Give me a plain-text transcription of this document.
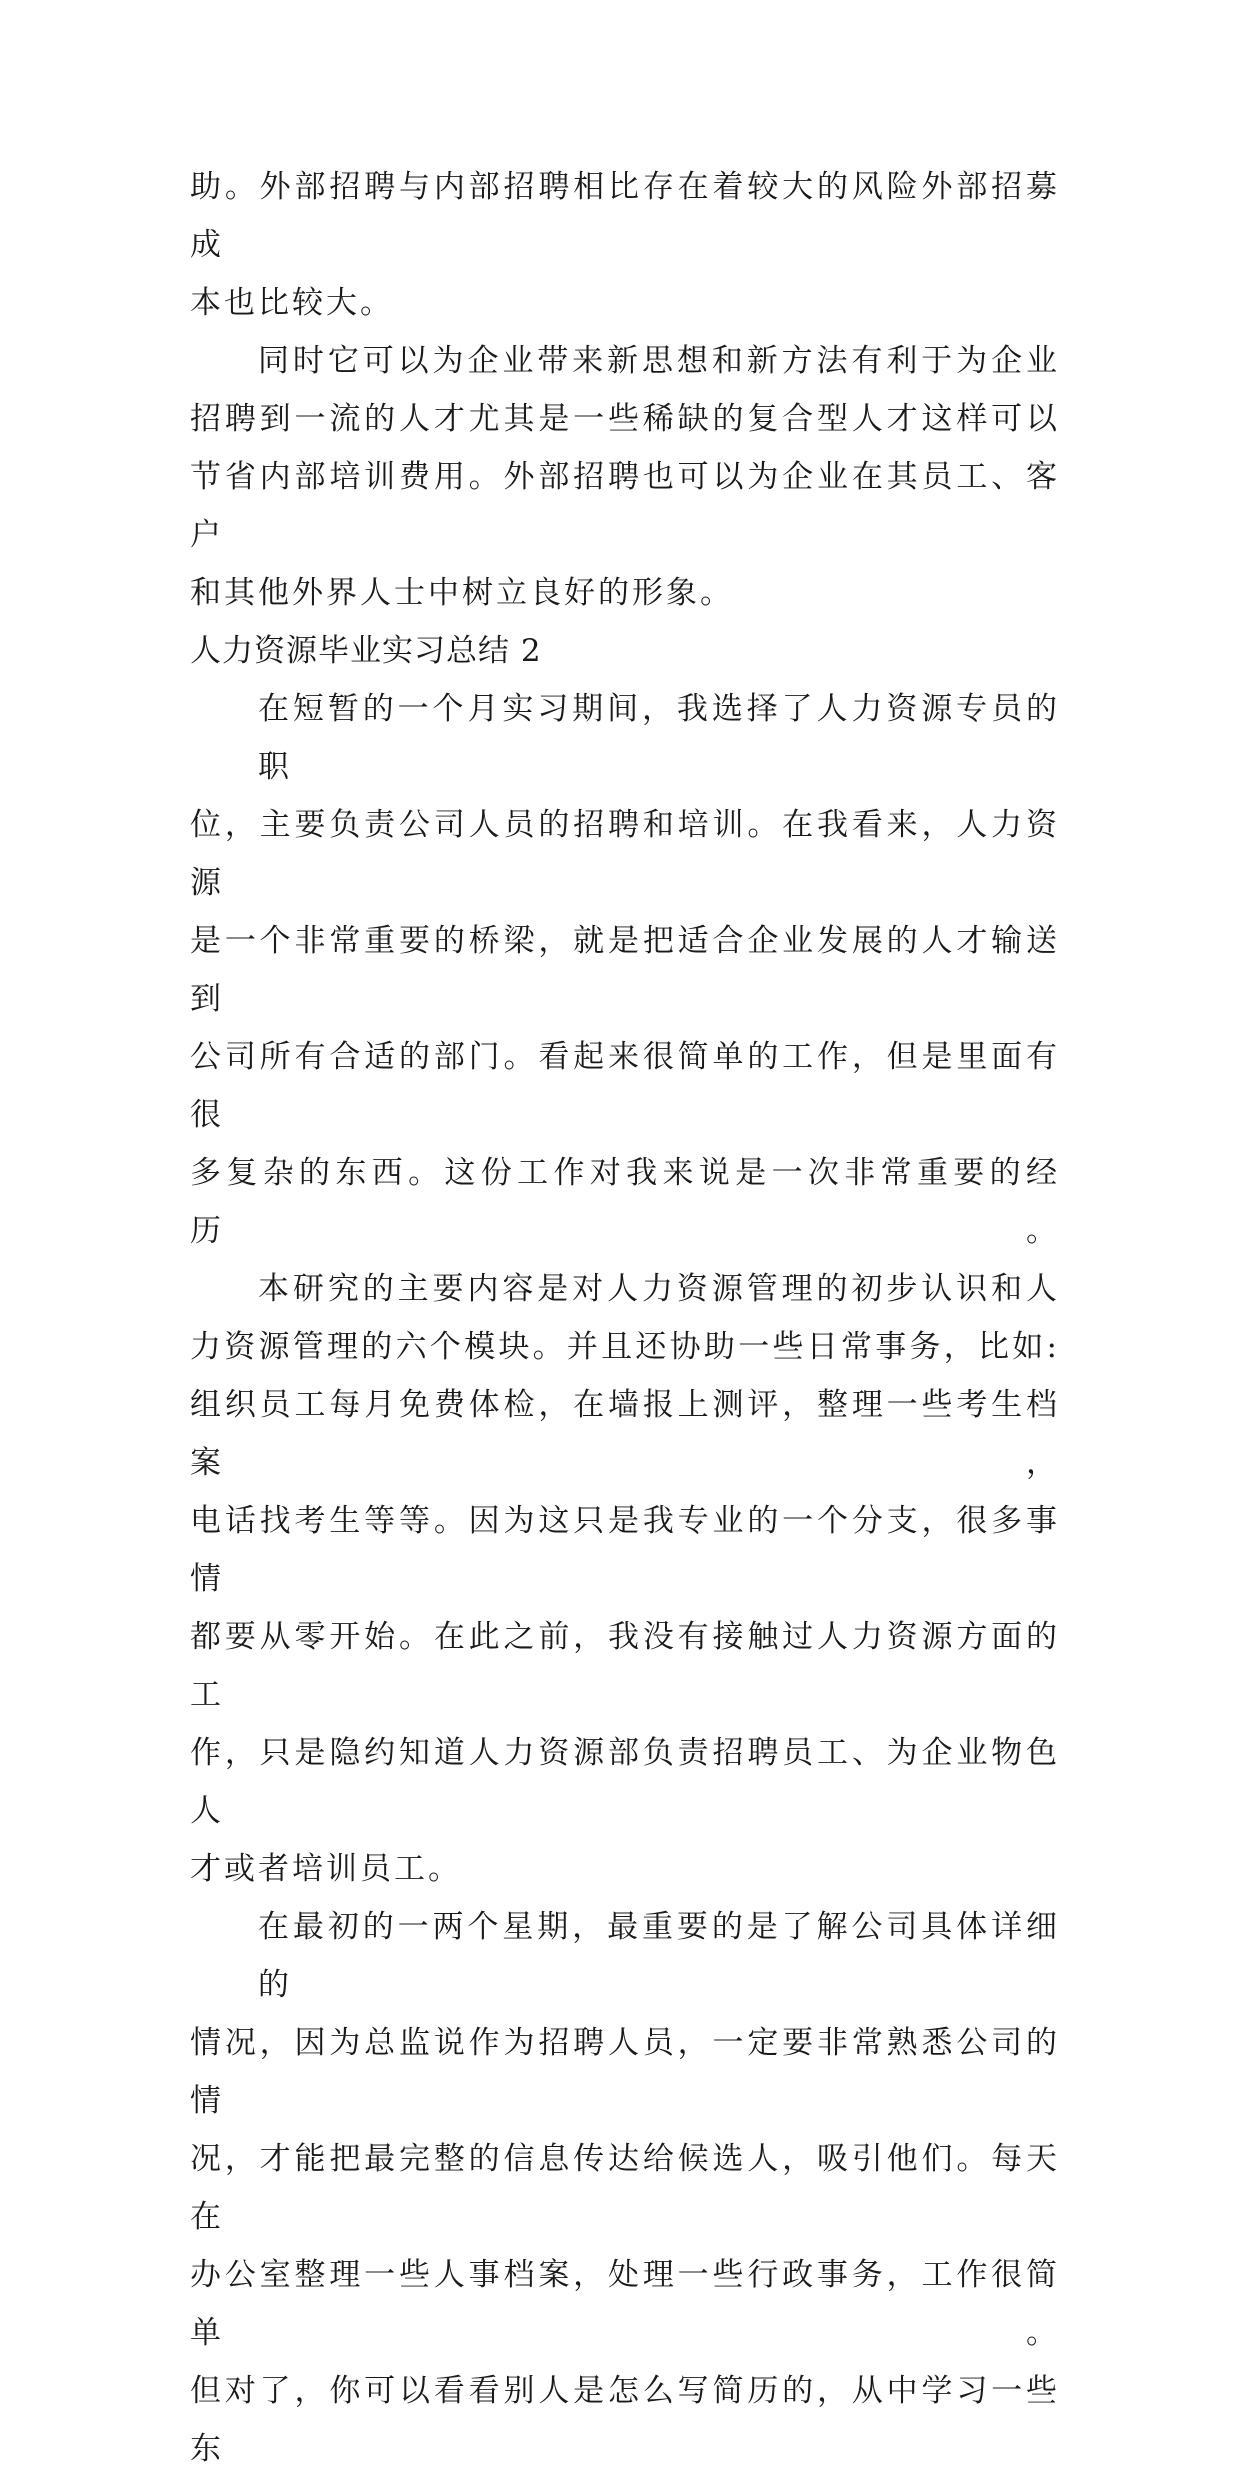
助。外部招聘与内部招聘相比存在着较大的风险外部招募成
本也比较大。
同时它可以为企业带来新思想和新方法有利于为企业
招聘到一流的人才尤其是一些稀缺的复合型人才这样可以
节省内部培训费用。外部招聘也可以为企业在其员工、客户
和其他外界人士中树立良好的形象。
人力资源毕业实习总结 2
在短暂的一个月实习期间，我选择了人力资源专员的职
位，主要负责公司人员的招聘和培训。在我看来，人力资源
是一个非常重要的桥梁，就是把适合企业发展的人才输送到
公司所有合适的部门。看起来很简单的工作，但是里面有很
多复杂的东西。这份工作对我来说是一次非常重要的经历。
本研究的主要内容是对人力资源管理的初步认识和人
力资源管理的六个模块。并且还协助一些日常事务，比如:
组织员工每月免费体检，在墙报上测评，整理一些考生档案，
电话找考生等等。因为这只是我专业的一个分支，很多事情
都要从零开始。在此之前，我没有接触过人力资源方面的工
作，只是隐约知道人力资源部负责招聘员工、为企业物色人
才或者培训员工。
在最初的一两个星期，最重要的是了解公司具体详细的
情况，因为总监说作为招聘人员，一定要非常熟悉公司的情
况，才能把最完整的信息传达给候选人，吸引他们。每天在
办公室整理一些人事档案，处理一些行政事务，工作很简单。
但对了，你可以看看别人是怎么写简历的，从中学习一些东
